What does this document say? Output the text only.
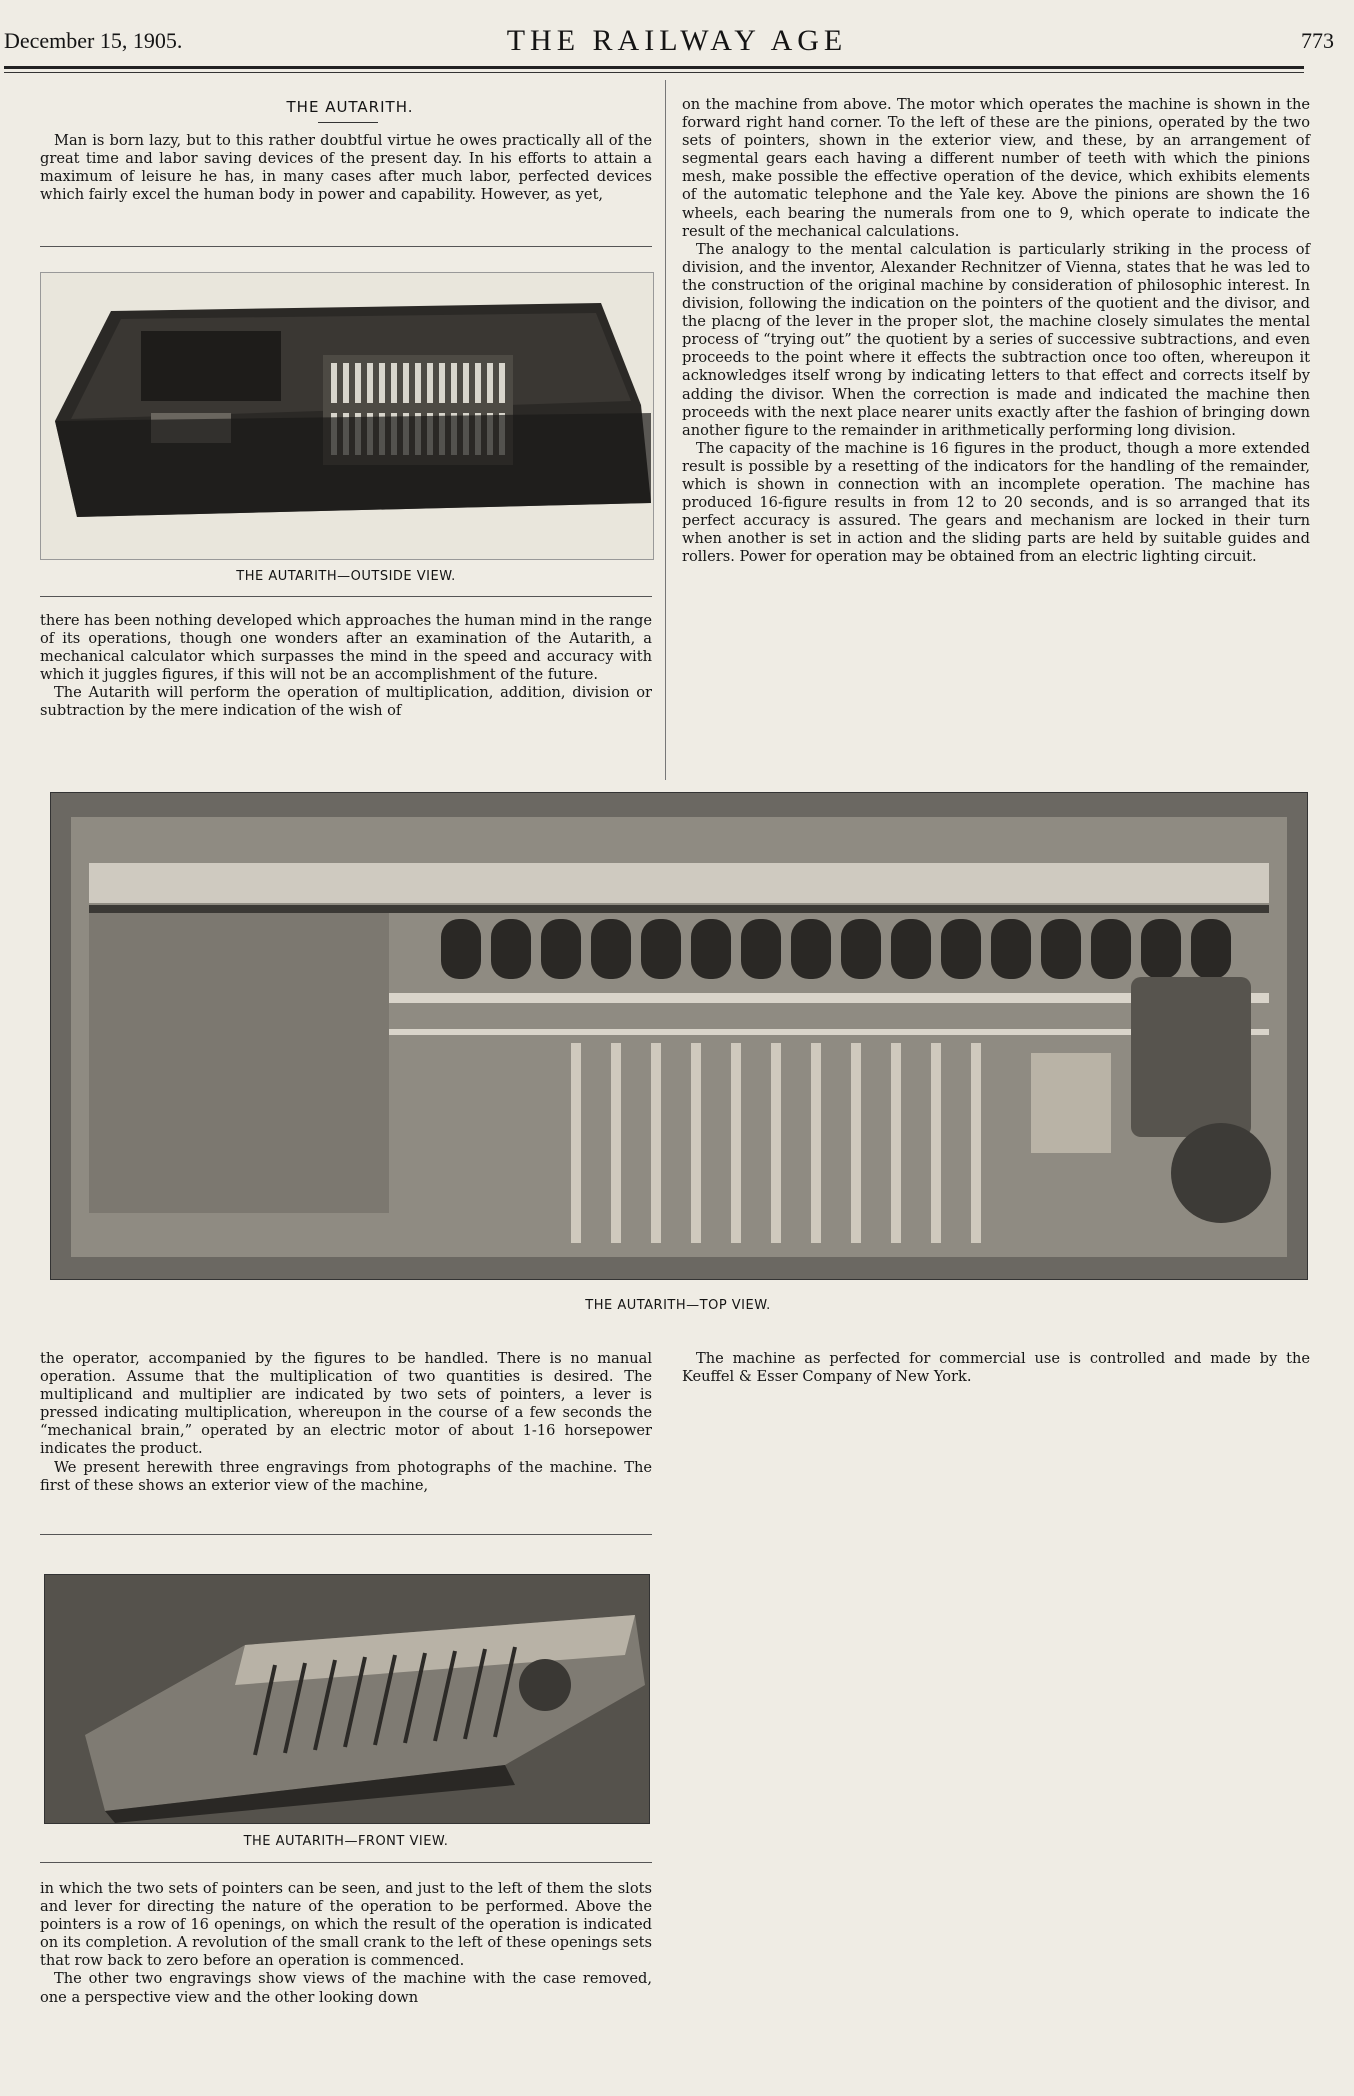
December 15, 1905.	THE RAILWAY AGE	773
THE AUTARITH.

Man is born lazy, but to this rather doubtful virtue he owes practically all of the great time and labor saving devices of the present day. In his efforts to attain a maximum of leisure he has, in many cases after much labor, perfected devices which fairly excel the human body in power and capability. However, as yet,

THE AUTARITH—OUTSIDE VIEW.

there has been nothing developed which approaches the human mind in the range of its operations, though one wonders after an examination of the Autarith, a mechanical calculator which surpasses the mind in the speed and accuracy with which it juggles figures, if this will not be an accomplishment of the future.

The Autarith will perform the operation of multiplication, addition, division or subtraction by the mere indication of the wish of

on the machine from above. The motor which operates the machine is shown in the forward right hand corner. To the left of these are the pinions, operated by the two sets of pointers, shown in the exterior view, and these, by an arrangement of segmental gears each having a different number of teeth with which the pinions mesh, make possible the effective operation of the device, which exhibits elements of the automatic telephone and the Yale key. Above the pinions are shown the 16 wheels, each bearing the numerals from one to 9, which operate to indicate the result of the mechanical calculations.

The analogy to the mental calculation is particularly striking in the process of division, and the inventor, Alexander Rechnitzer of Vienna, states that he was led to the construction of the original machine by consideration of philosophic interest. In division, following the indication on the pointers of the quotient and the divisor, and the placng of the lever in the proper slot, the machine closely simulates the mental process of “trying out” the quotient by a series of successive subtractions, and even proceeds to the point where it effects the subtraction once too often, whereupon it acknowledges itself wrong by indicating letters to that effect and corrects itself by adding the divisor. When the correction is made and indicated the machine then proceeds with the next place nearer units exactly after the fashion of bringing down another figure to the remainder in arithmetically performing long division.

The capacity of the machine is 16 figures in the product, though a more extended result is possible by a resetting of the indicators for the handling of the remainder, which is shown in connection with an incomplete operation. The machine has produced 16-figure results in from 12 to 20 seconds, and is so arranged that its perfect accuracy is assured. The gears and mechanism are locked in their turn when another is set in action and the sliding parts are held by suitable guides and rollers. Power for operation may be obtained from an electric lighting circuit.

THE AUTARITH—TOP VIEW.

the operator, accompanied by the figures to be handled. There is no manual operation. Assume that the multiplication of two quantities is desired. The multiplicand and multiplier are indicated by two sets of pointers, a lever is pressed indicating multiplication, whereupon in the course of a few seconds the “mechanical brain,” operated by an electric motor of about 1-16 horsepower indicates the product.

We present herewith three engravings from photographs of the machine. The first of these shows an exterior view of the machine,

The machine as perfected for commercial use is controlled and made by the Keuffel & Esser Company of New York.

THE AUTARITH—FRONT VIEW.

in which the two sets of pointers can be seen, and just to the left of them the slots and lever for directing the nature of the operation to be performed. Above the pointers is a row of 16 openings, on which the result of the operation is indicated on its completion. A revolution of the small crank to the left of these openings sets that row back to zero before an operation is commenced.

The other two engravings show views of the machine with the case removed, one a perspective view and the other looking down
